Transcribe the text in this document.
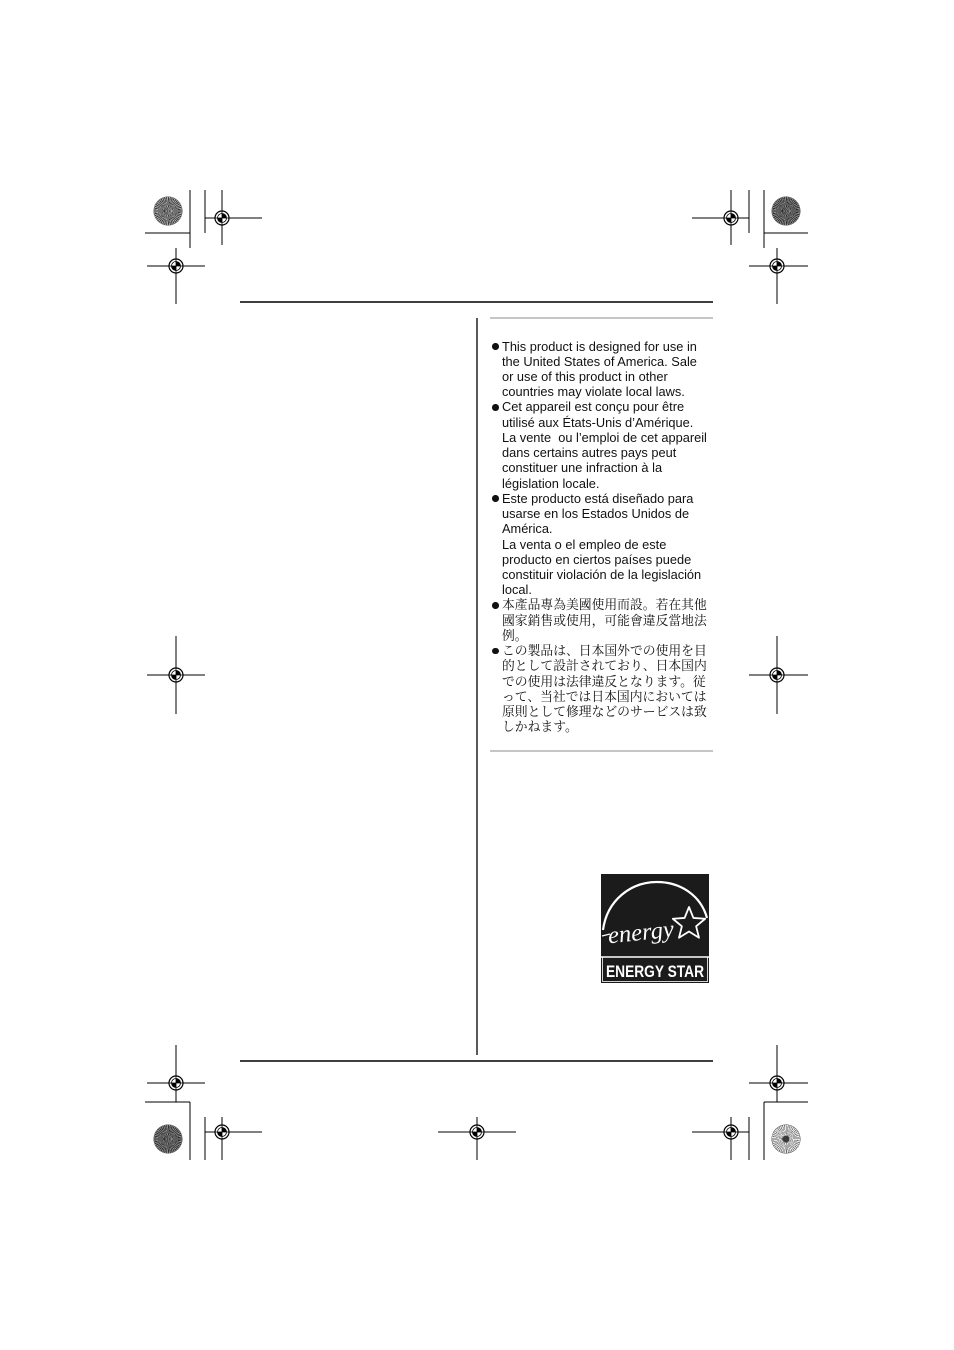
This product is designed for use in
the United States of America. Sale
or use of this product in other
countries may violate local laws.
Cet appareil est conçu pour être
utilisé aux États-Unis d’Amérique.
La vente  ou l’emploi de cet appareil
dans certains autres pays peut
constituer une infraction à la
législation locale.
Este producto está diseñado para
usarse en los Estados Unidos de
América.
La venta o el empleo de este
producto en ciertos países puede
constituir violación de la legislación
local.
本產品專為美國使用而設。若在其他
國家銷售或使用，可能會違反當地法
例。
この製品は、日本国外での使用を目
的として設計されており、日本国内
での使用は法律違反となります。従
って、当社では日本国内においては
原則として修理などのサービスは致
しかねます。
energy
ENERGY STAR
